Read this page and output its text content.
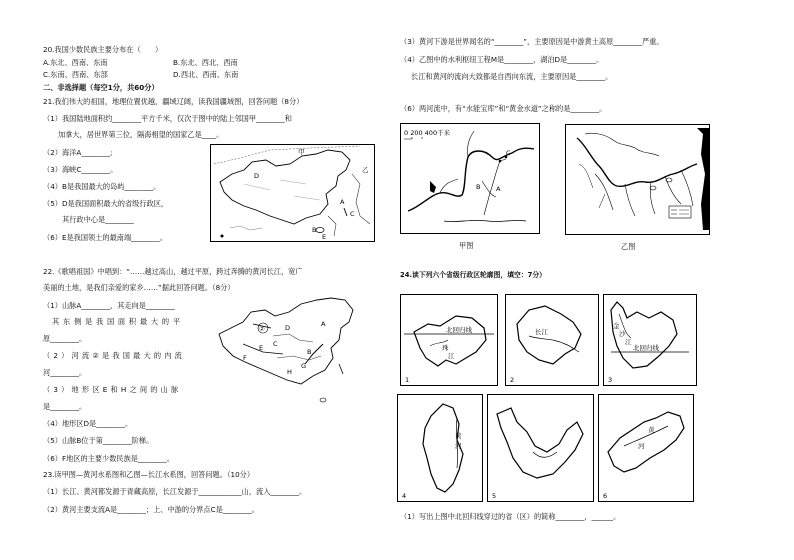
20.我国少数民族主要分布在（　　）
A.东北、西南、东南	B.东北、西北、西南
C.东南、西南、东部	D.西北、西南、东南
二、非选择题（每空1分，共60分）
21.我们伟大的祖国，地理位置优越，疆域辽阔，读我国疆域图，回答问题（8分）
（1）我国陆地面积约________平方千米，仅次于图中的陆上邻国甲________和
加拿大，居世界第三位，隔海相望的国家乙是____。
（2）海洋A________;
（3）海峡C________。
（4）B是我国最大的岛屿________。
（5）D是我国面积最大的省级行政区，
其行政中心是________
（6）E是我国领土的最南端________。
A
B
C
D
E
甲
乙
22.《歌唱祖国》中唱到：“……越过高山，越过平原，跨过奔腾的黄河长江，宽广
美丽的土地，是我们亲爱的家乡……”据此回答问题。（8分）
（1）山脉A________，其走向是________
其东侧是我国面积最大的平
原________。
（2）河流②是我国最大的内流
河________。
（3）地形区E和H之间的山脉
是________。
（4）地形区D是________。
（5）山脉B位于第________阶梯。
（6）F地区的主要少数民族是________。
A
B
C
D
E
F
G
H
②
23.读甲图—黄河水系图和乙图—长江水系图，回答问题。（10分）
（1）长江、黄河都发源于青藏高原，长江发源于____________山，流入________。
（2）黄河主要支流A是________；上、中游的分界点C是________。
（3）黄河下游是世界闻名的“________”，主要原因是中游黄土高原________严重。
（4）乙图中的水利枢纽工程M是________，湖泊D是________。
长江和黄河的流向大致都是自西向东流，主要原因是________。
（6）两河流中，有“水能宝库”和“黄金水道”之称的是________。
0 200 400千米
A
B
C
甲图	乙图
24.读下列六个省级行政区轮廓图，填空：7分）
北回归线
珠
江
1
长江
2
金
沙
江
北回归线
3
黄
河
4	5
黄
河
6
（1）写出上图中北回归线穿过的省（区）的简称________，______。
